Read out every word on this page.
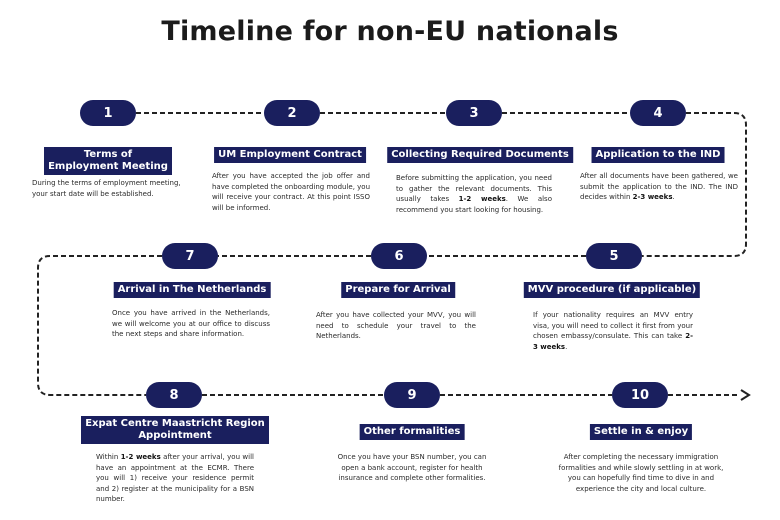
Timeline for non-EU nationals
1
Terms of Employment Meeting
During the terms of employment meeting, your start date will be established.
2
UM Employment Contract
After you have accepted the job offer and have completed the onboarding module, you will receive your contract. At this point ISSO will be informed.
3
Collecting Required Documents
Before submitting the application, you need to gather the relevant documents. This usually takes 1-2 weeks. We also recommend you start looking for housing.
4
Application to the IND
After all documents have been gathered, we submit the application to the IND. The IND decides within 2-3 weeks.
5
MVV procedure (if applicable)
If your nationality requires an MVV entry visa, you will need to collect it first from your chosen embassy/consulate. This can take 2-3 weeks.
6
Prepare for Arrival
After you have collected your MVV, you will need to schedule your travel to the Netherlands.
7
Arrival in The Netherlands
Once you have arrived in the Netherlands, we will welcome you at our office to discuss the next steps and share information.
8
Expat Centre Maastricht Region Appointment
Within 1-2 weeks after your arrival, you will have an appointment at the ECMR. There you will 1) receive your residence permit and 2) register at the municipality for a BSN number.
9
Other formalities
Once you have your BSN number, you can open a bank account, register for health insurance and complete other formalities.
10
Settle in & enjoy
After completing the necessary immigration formalities and while slowly settling in at work, you can hopefully find time to dive in and experience the city and local culture.
